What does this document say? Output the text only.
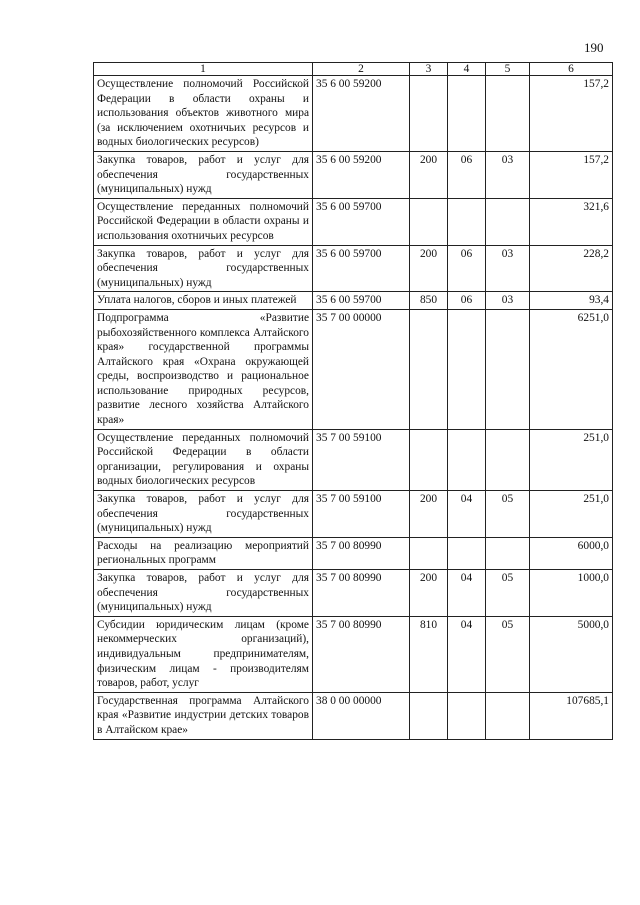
190
1	2	3	4	5	6
Осуществление полномочий Российской Федерации в области охраны и использования объектов животного мира (за исключением охотничьих ресурсов и водных биологических ресурсов)	35 6 00 59200				157,2
Закупка товаров, работ и услуг для обеспечения государственных (муниципальных) нужд	35 6 00 59200	200	06	03	157,2
Осуществление переданных полномочий Российской Федерации в области охраны и использования охотничьих ресурсов	35 6 00 59700				321,6
Закупка товаров, работ и услуг для обеспечения государственных (муниципальных) нужд	35 6 00 59700	200	06	03	228,2
Уплата налогов, сборов и иных платежей	35 6 00 59700	850	06	03	93,4
Подпрограмма «Развитие рыбохозяйственного комплекса Алтайского края» государственной программы Алтайского края «Охрана окружающей среды, воспроизводство и рациональное использование природных ресурсов, развитие лесного хозяйства Алтайского края»	35 7 00 00000				6251,0
Осуществление переданных полномочий Российской Федерации в области организации, регулирования и охраны водных биологических ресурсов	35 7 00 59100				251,0
Закупка товаров, работ и услуг для обеспечения государственных (муниципальных) нужд	35 7 00 59100	200	04	05	251,0
Расходы на реализацию мероприятий региональных программ	35 7 00 80990				6000,0
Закупка товаров, работ и услуг для обеспечения государственных (муниципальных) нужд	35 7 00 80990	200	04	05	1000,0
Субсидии юридическим лицам (кроме некоммерческих организаций), индивидуальным предпринимателям, физическим лицам - производителям товаров, работ, услуг	35 7 00 80990	810	04	05	5000,0
Государственная программа Алтайского края «Развитие индустрии детских товаров в Алтайском крае»	38 0 00 00000				107685,1
